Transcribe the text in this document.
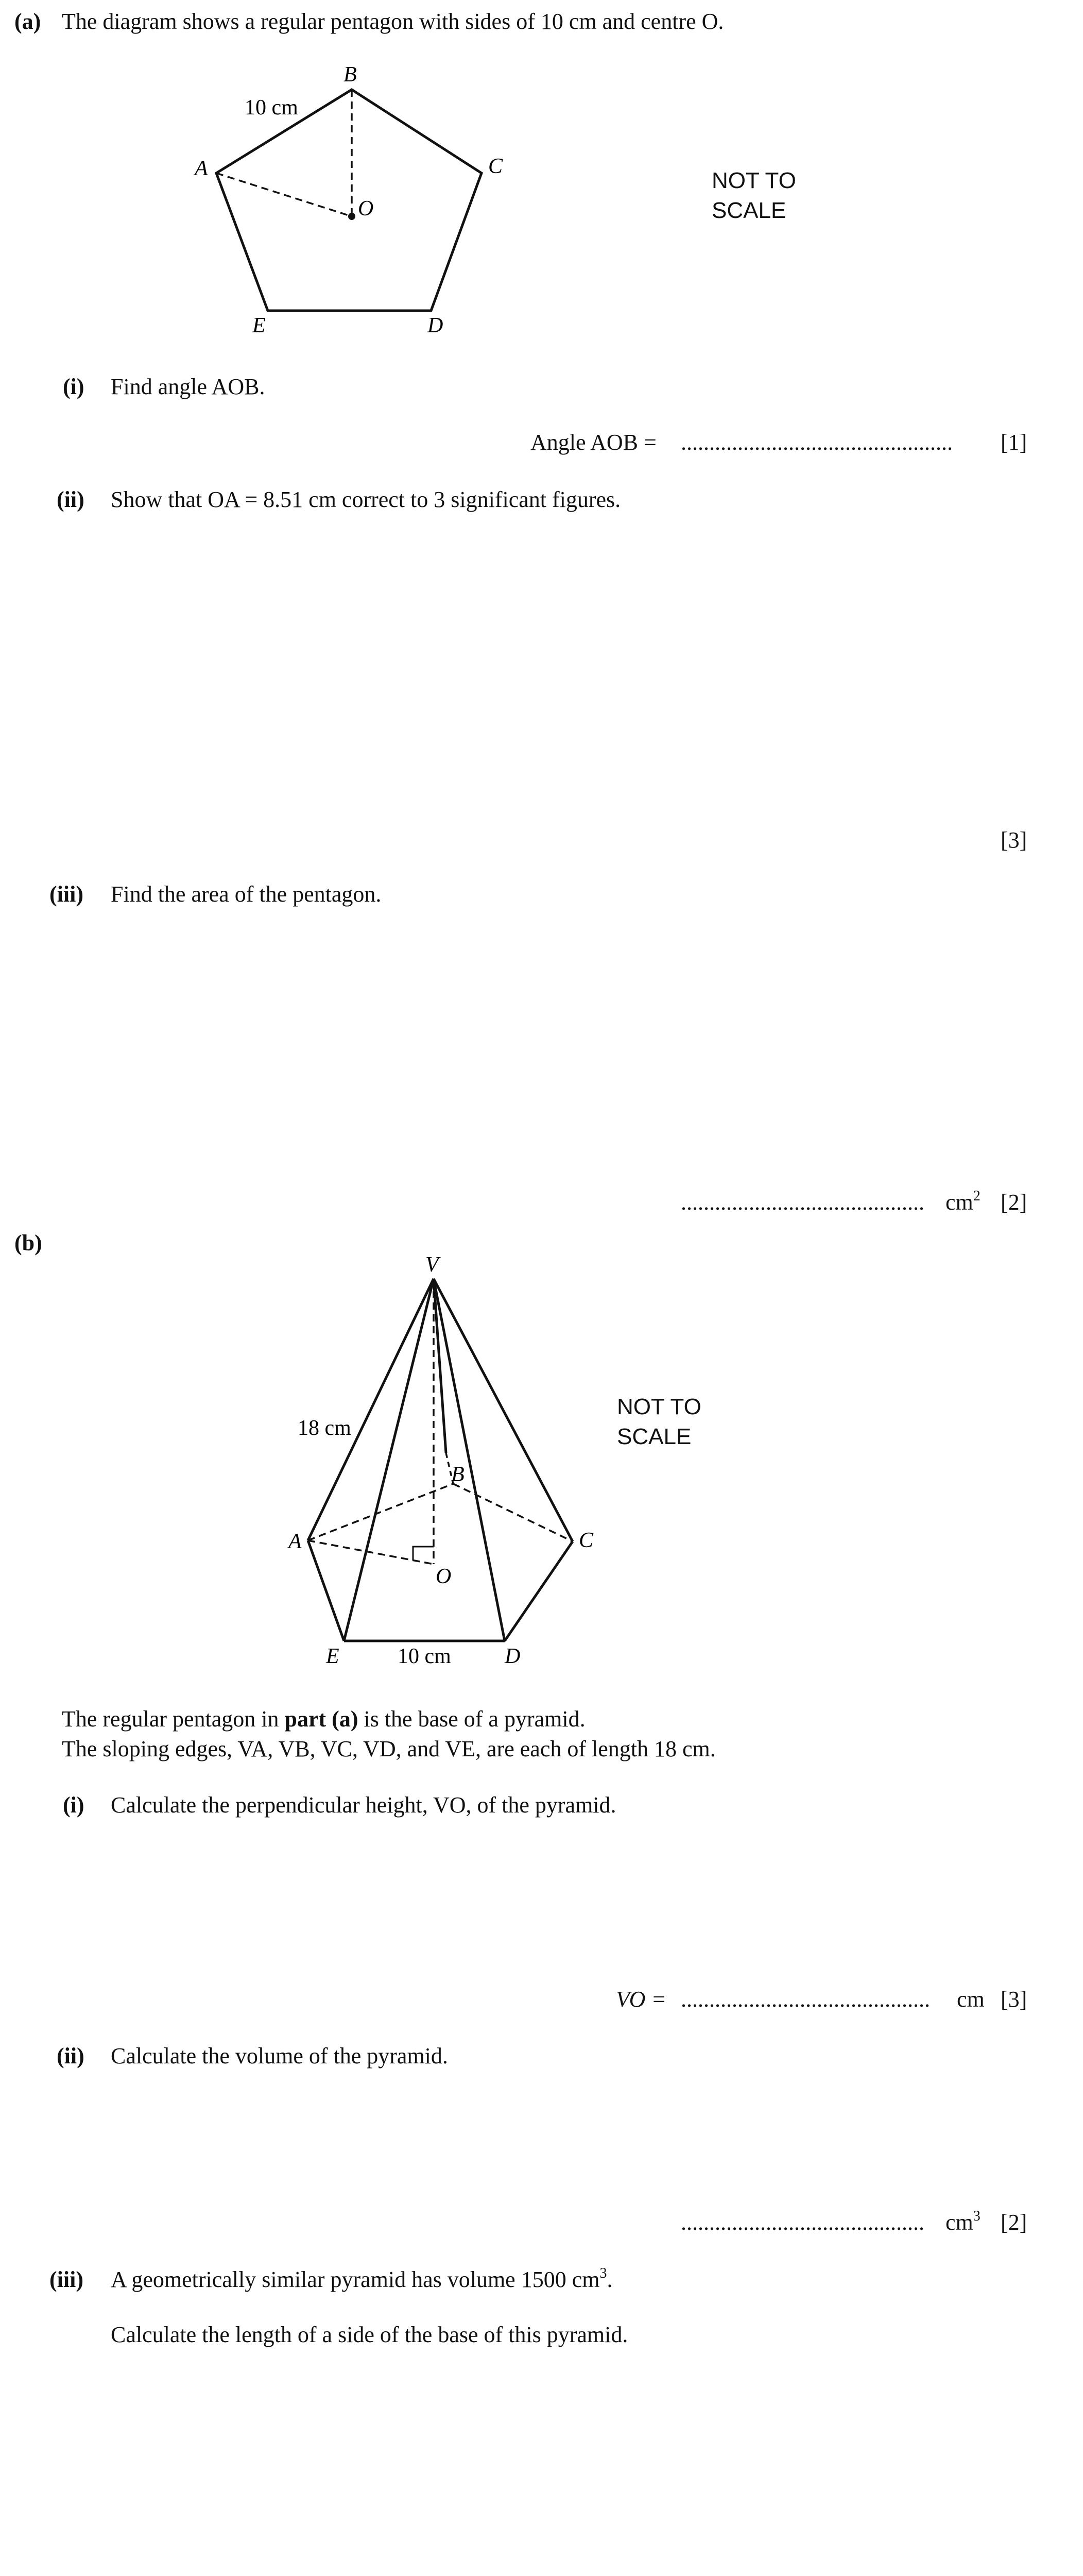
(a) The diagram shows a regular pentagon with sides of 10 cm and centre O.
10 cm
B
A	C
D
E
O
NOT TO
SCALE
(i) Find angle AOB.
Angle AOB = ................................................ [1]
(ii) Show that OA = 8.51 cm correct to 3 significant figures.
[3]
(iii) Find the area of the pentagon.
........................................... $cm^2$ [2]
(b)
V
18 cm
B
A	C
O
E	D
10 cm
NOT TO
SCALE
The regular pentagon in part (a) is the base of a pyramid.
The sloping edges, VA, VB, VC, VD, and VE, are each of length 18 cm.
(i) Calculate the perpendicular height, VO, of the pyramid.
VO = ............................................ cm [3]
(ii) Calculate the volume of the pyramid.
........................................... $cm^3$ [2]
(iii) A geometrically similar pyramid has volume 1500 $cm^3$.
Calculate the length of a side of the base of this pyramid.
